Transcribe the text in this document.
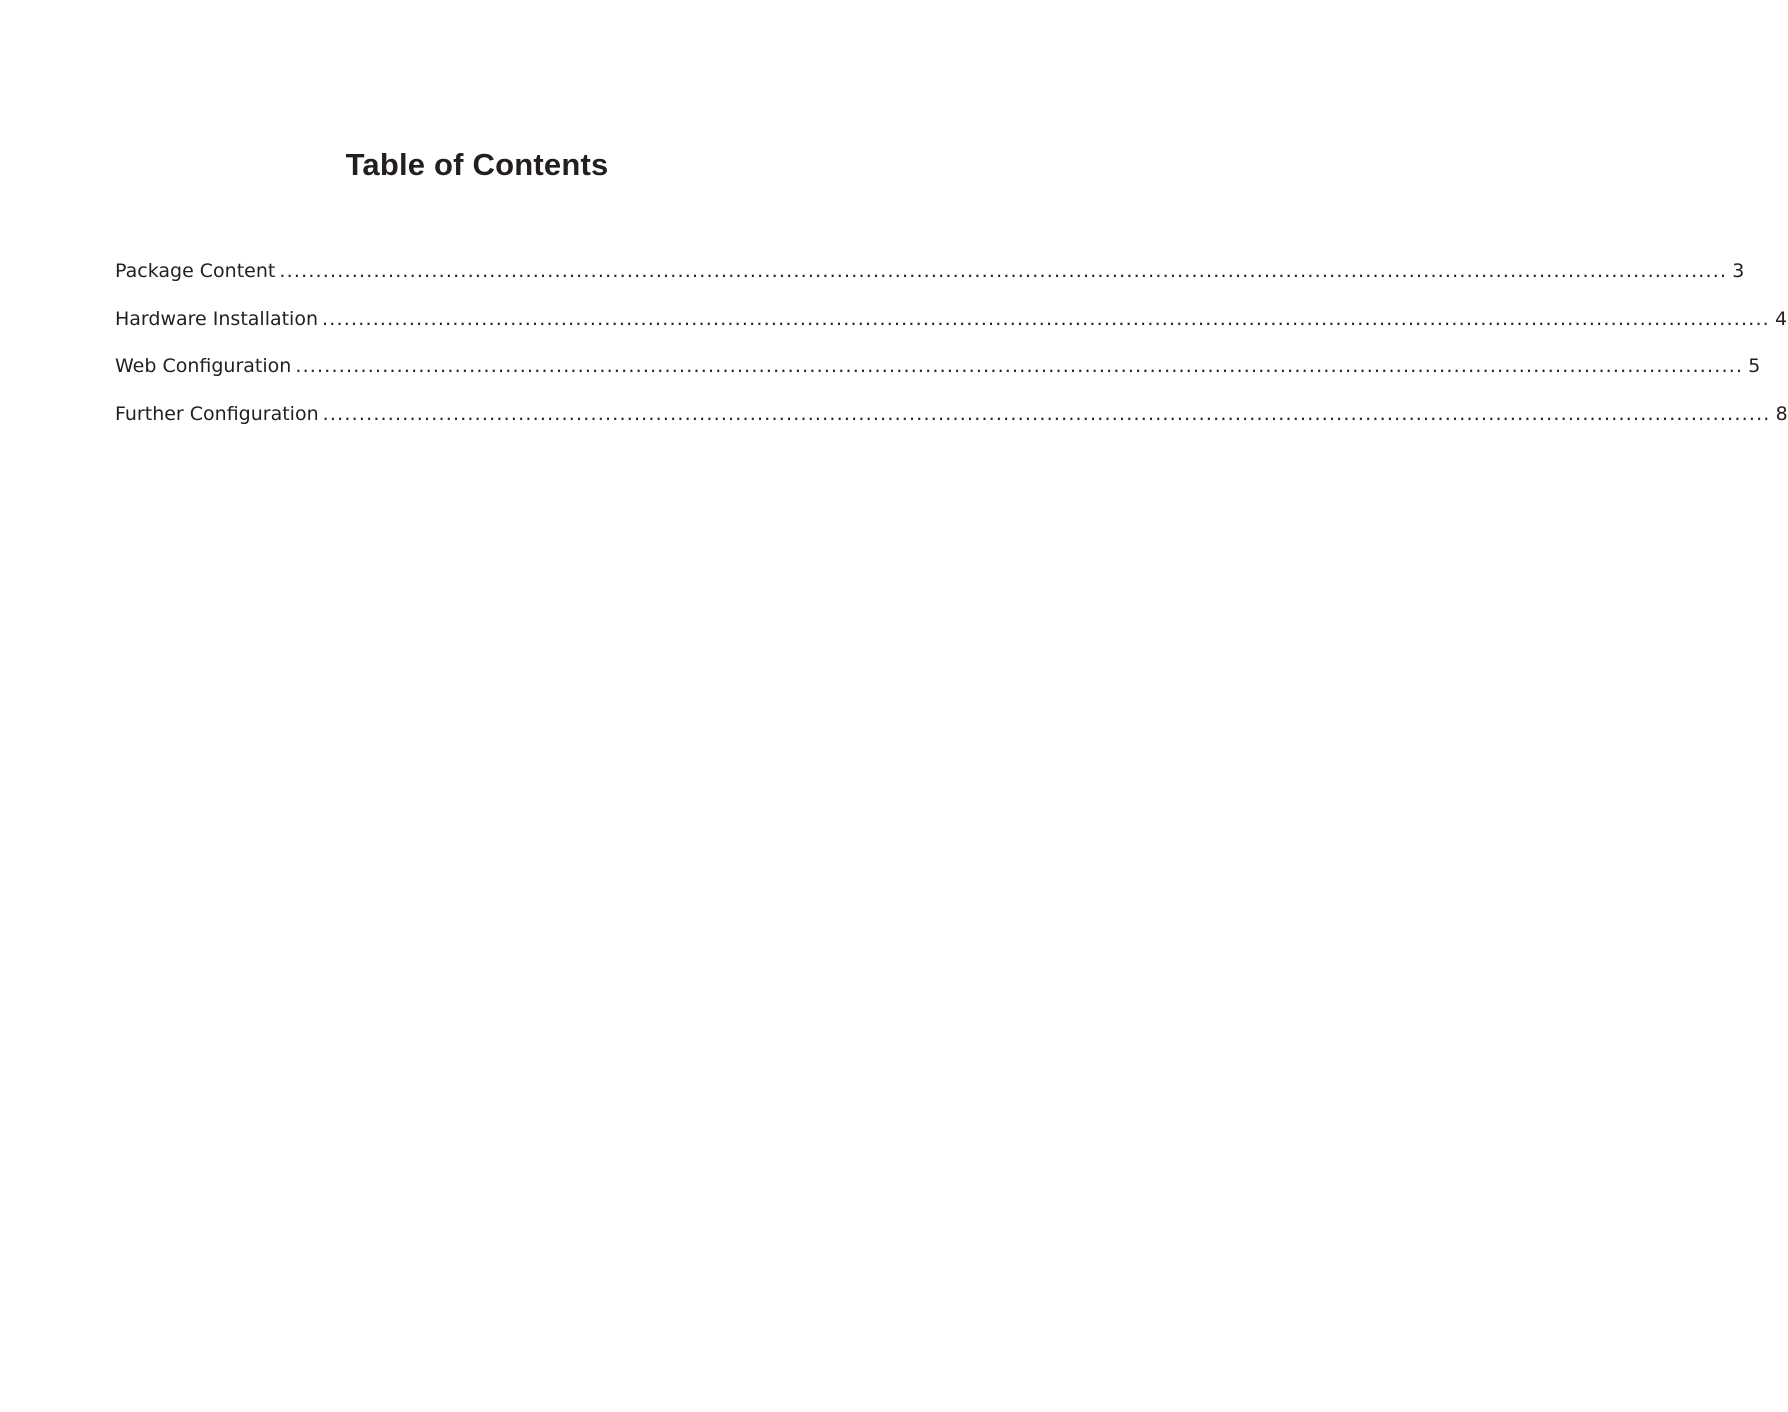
Table of Contents
Package Content ........................................................................................................................................................................................................ 3
Hardware Installation ........................................................................................................................................................................................................ 4
Web Configuration ........................................................................................................................................................................................................ 5
Further Configuration ........................................................................................................................................................................................................ 8
